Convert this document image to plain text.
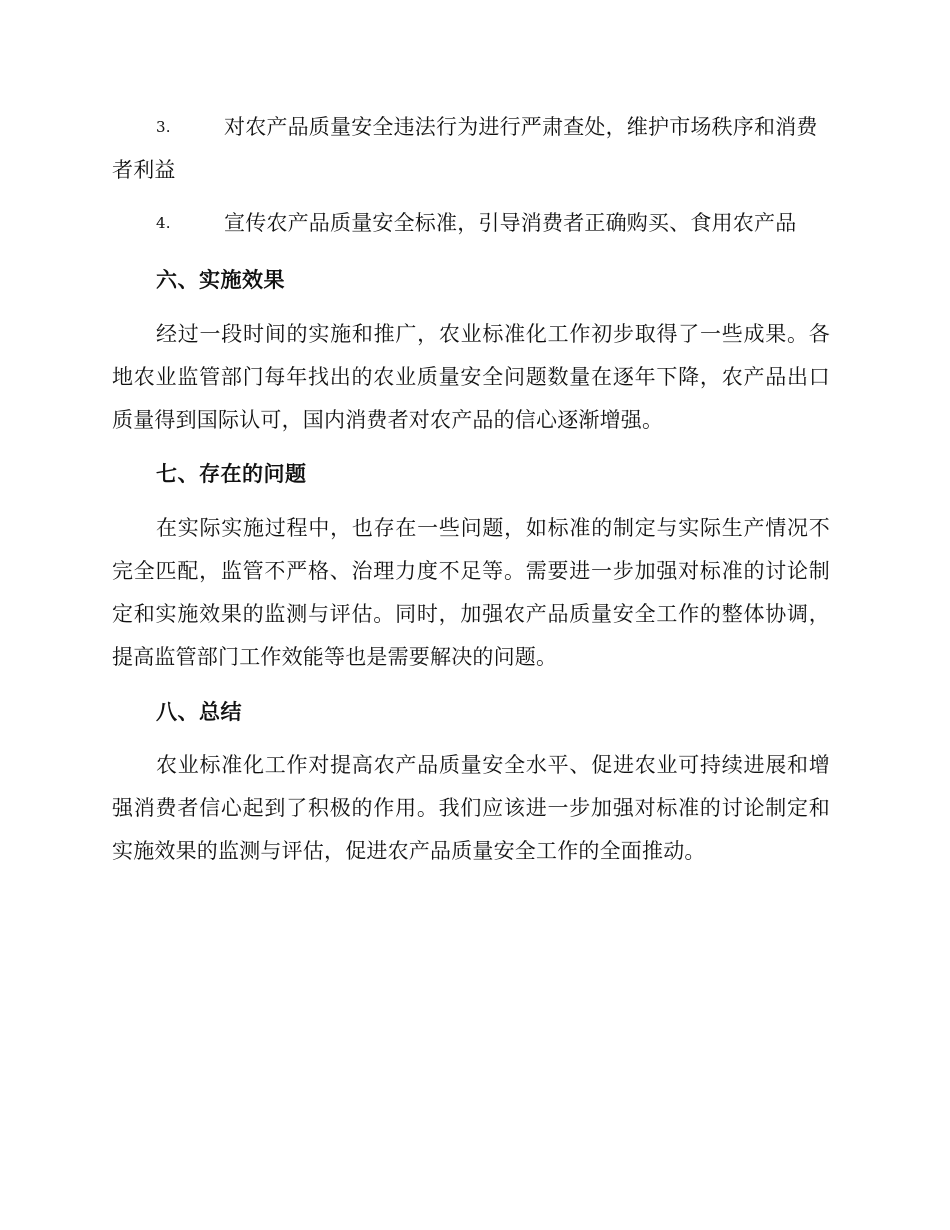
3.	对农产品质量安全违法行为进行严肃查处，维护市场秩序和消费者利益
4.	宣传农产品质量安全标准，引导消费者正确购买、食用农产品
六、实施效果
经过一段时间的实施和推广，农业标准化工作初步取得了一些成果。各地农业监管部门每年找出的农业质量安全问题数量在逐年下降，农产品出口质量得到国际认可，国内消费者对农产品的信心逐渐增强。
七、存在的问题
在实际实施过程中，也存在一些问题，如标准的制定与实际生产情况不完全匹配，监管不严格、治理力度不足等。需要进一步加强对标准的讨论制定和实施效果的监测与评估。同时，加强农产品质量安全工作的整体协调，提高监管部门工作效能等也是需要解决的问题。
八、总结
农业标准化工作对提高农产品质量安全水平、促进农业可持续进展和增强消费者信心起到了积极的作用。我们应该进一步加强对标准的讨论制定和实施效果的监测与评估，促进农产品质量安全工作的全面推动。
